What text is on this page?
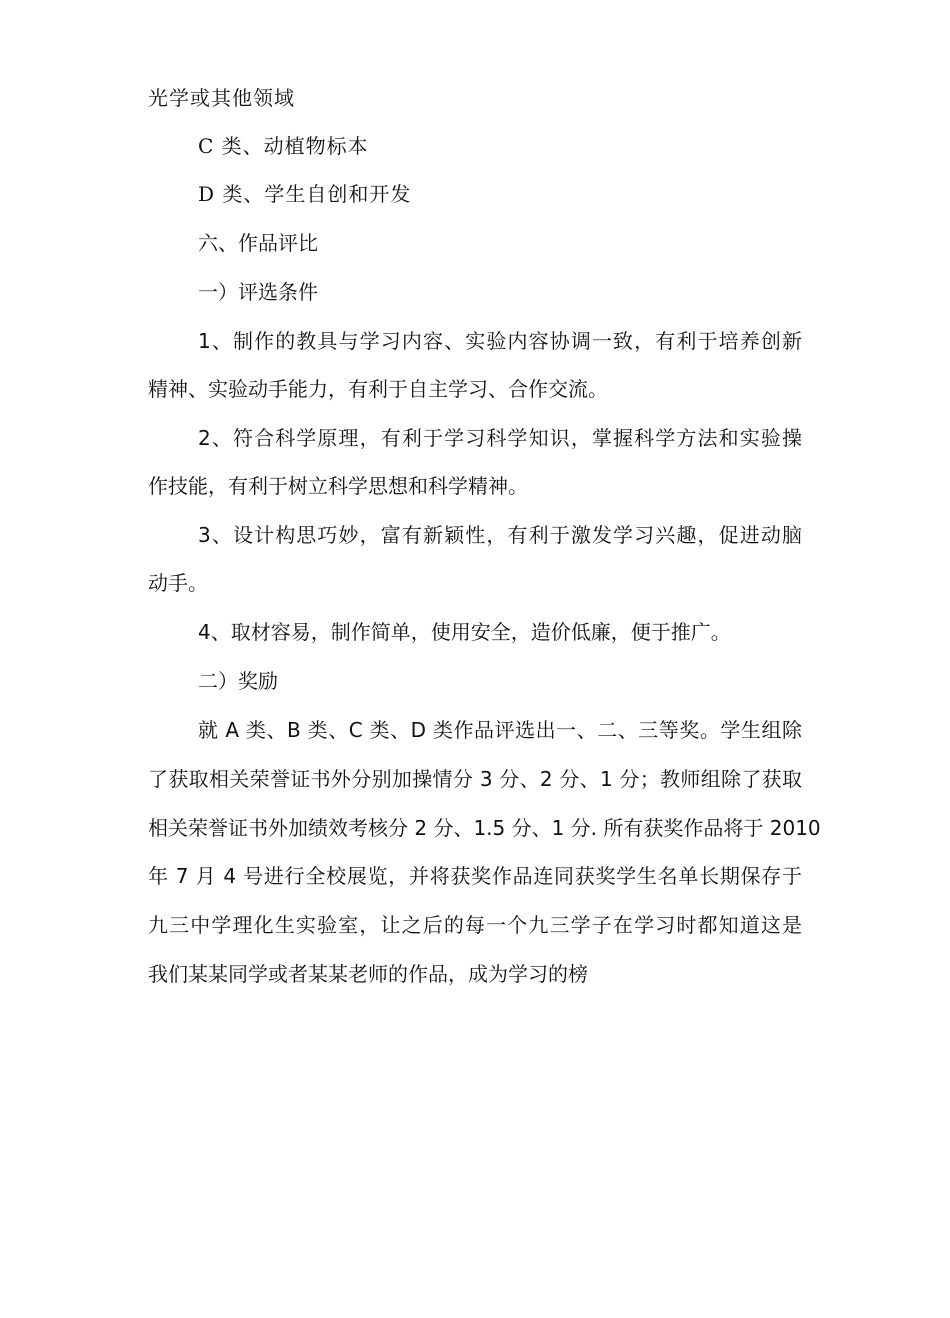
光学或其他领域
C 类、动植物标本
D 类、学生自创和开发
六、作品评比
一）评选条件
1、制作的教具与学习内容、实验内容协调一致，有利于培养创新
精神、实验动手能力，有利于自主学习、合作交流。
2、符合科学原理，有利于学习科学知识，掌握科学方法和实验操
作技能，有利于树立科学思想和科学精神。
3、设计构思巧妙，富有新颖性，有利于激发学习兴趣，促进动脑
动手。
4、取材容易，制作简单，使用安全，造价低廉，便于推广。
二）奖励
就 A 类、B 类、C 类、D 类作品评选出一、二、三等奖。学生组除
了获取相关荣誉证书外分别加操情分 3 分、2 分、1 分；教师组除了获取
相关荣誉证书外加绩效考核分 2 分、1.5 分、1 分. 所有获奖作品将于 2010
年 7 月 4 号进行全校展览，并将获奖作品连同获奖学生名单长期保存于
九三中学理化生实验室，让之后的每一个九三学子在学习时都知道这是
我们某某同学或者某某老师的作品，成为学习的榜
